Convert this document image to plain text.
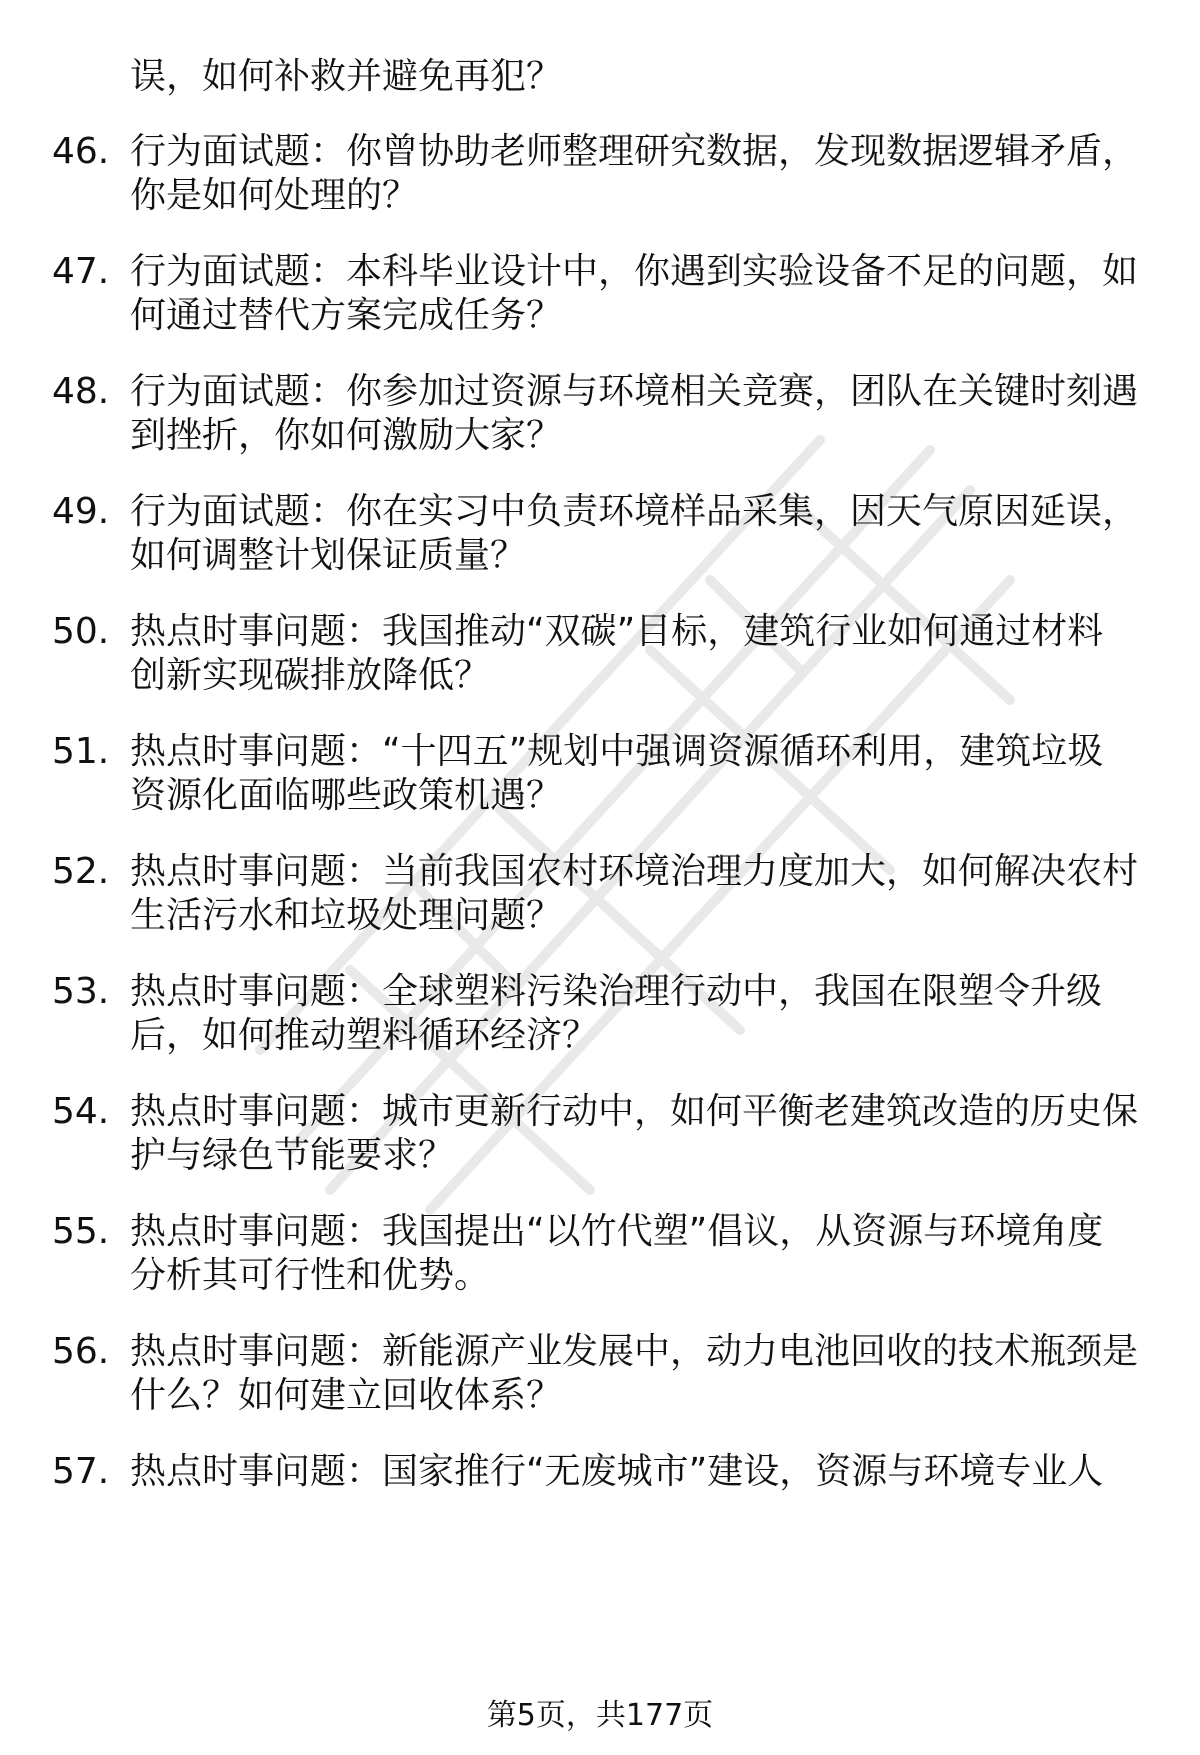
误，如何补救并避免再犯？
46. 行为面试题：你曾协助老师整理研究数据，发现数据逻辑矛盾，
你是如何处理的？
47. 行为面试题：本科毕业设计中，你遇到实验设备不足的问题，如
何通过替代方案完成任务？
48. 行为面试题：你参加过资源与环境相关竞赛，团队在关键时刻遇
到挫折，你如何激励大家？
49. 行为面试题：你在实习中负责环境样品采集，因天气原因延误，
如何调整计划保证质量？
50. 热点时事问题：我国推动“双碳”目标，建筑行业如何通过材料
创新实现碳排放降低？
51. 热点时事问题：“十四五”规划中强调资源循环利用，建筑垃圾
资源化面临哪些政策机遇？
52. 热点时事问题：当前我国农村环境治理力度加大，如何解决农村
生活污水和垃圾处理问题？
53. 热点时事问题：全球塑料污染治理行动中，我国在限塑令升级
后，如何推动塑料循环经济？
54. 热点时事问题：城市更新行动中，如何平衡老建筑改造的历史保
护与绿色节能要求？
55. 热点时事问题：我国提出“以竹代塑”倡议，从资源与环境角度
分析其可行性和优势。
56. 热点时事问题：新能源产业发展中，动力电池回收的技术瓶颈是
什么？如何建立回收体系？
57. 热点时事问题：国家推行“无废城市”建设，资源与环境专业人
第5页，共177页
